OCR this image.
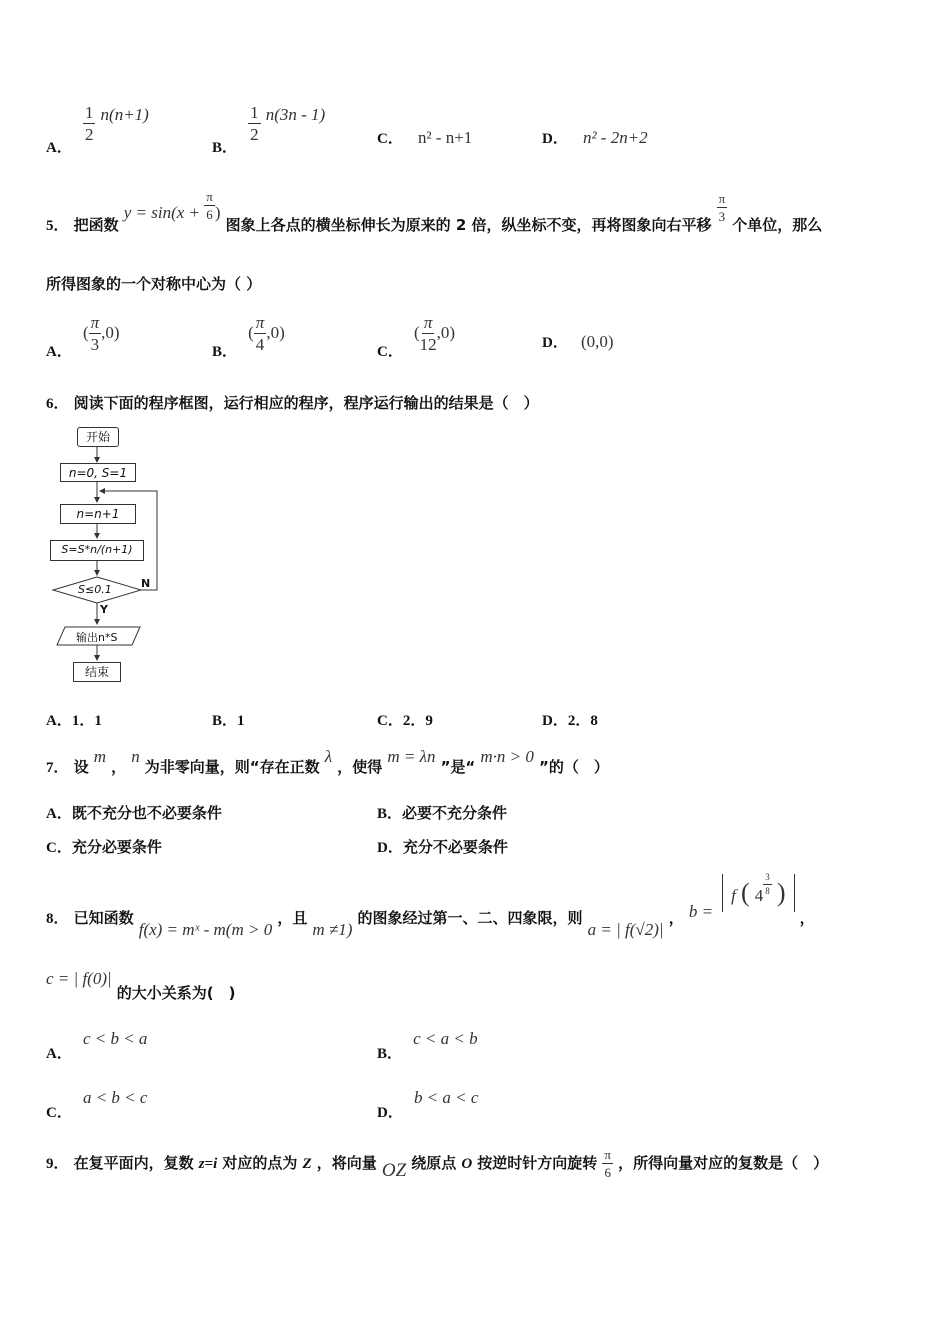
A．
$\frac{1}{2} n(n+1)$
B．
$\frac{1}{2} n(3n - 1)$
C． n² - n+1	D． n² - 2n+2
5． 把函数 $y = \sin(x + \frac{\pi}{6}$ ) 图象上各点的横坐标伸长为原来的 2 倍，纵坐标不变，再将图象向右平移
$\frac{\pi}{3}$
个单位，那么
所得图象的一个对称中心为（ ）
A． ( $\frac{\pi}{3} ,0$)
B． ( $\frac{\pi}{4} ,0$)
C． ( $\frac{\pi}{12} ,0$)
D． (0,0)
6． 阅读下面的程序框图，运行相应的程序，程序运行输出的结果是（　）
开始
n=0, S=1
n=n+1
S=S*n/(n+1)
S≤0.1	N
Y
输出n*S
结束
A．1．1	B．1	C．2．9	D．2．8
7． 设 m ， n 为非零向量，则“存在正数 λ ，使得 m = λn ”是“ m·n > 0 ”的（　）
A．既不充分也不必要条件	B．必要不充分条件
C．充分必要条件	D．充分不必要条件
8． 已知函数 f(x) = mˣ - m(m > 0 ，且 m ≠1) 的图象经过第一、二、四象限，则 a = | f(√2)| ， b = f ( $4 \frac{3}{8}$ ) ，
c = | f(0)| 的大小关系为(　)
A． c < b < a
B． c < a < b
C． a < b < c
D． b < a < c
9． 在复平面内，复数 z=i 对应的点为 Z ，将向量 OZ 绕原点 O 按逆时针方向旋转 $\frac{\pi}{6}$ ，所得向量对应的复数是（　）
